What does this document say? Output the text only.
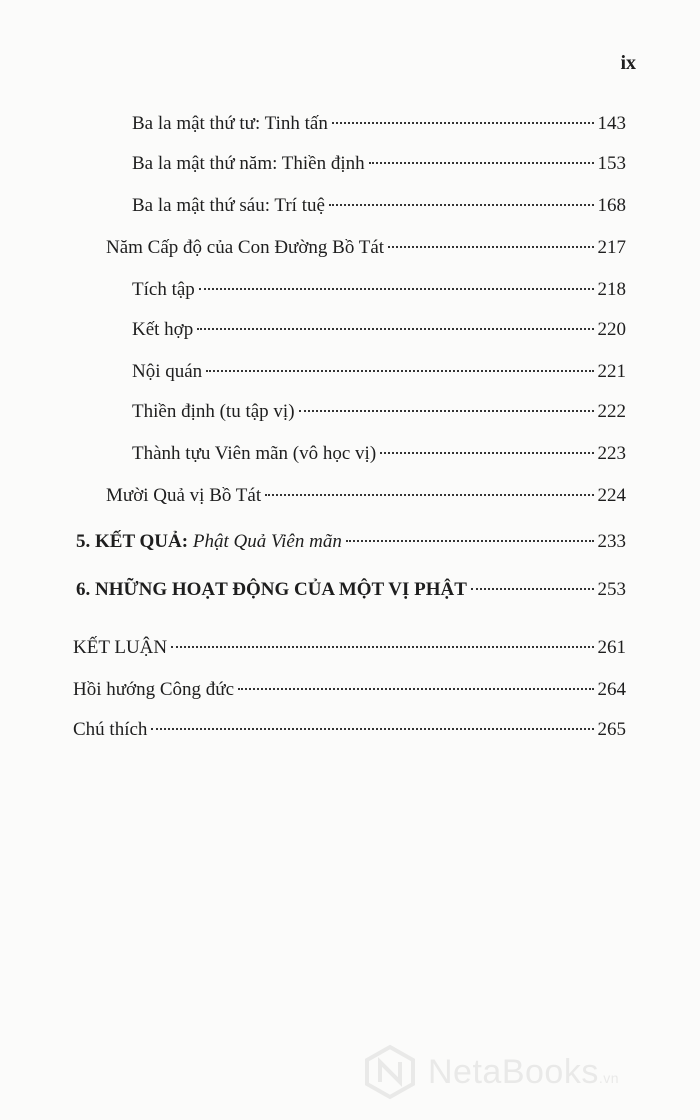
ix
Ba la mật thứ tư: Tinh tấn	143
Ba la mật thứ năm: Thiền định	153
Ba la mật thứ sáu: Trí tuệ	168
Năm Cấp độ của Con Đường Bồ Tát	217
Tích tập	218
Kết hợp	220
Nội quán	221
Thiền định (tu tập vị)	222
Thành tựu Viên mãn (vô học vị)	223
Mười Quả vị Bồ Tát	224
5. KẾT QUẢ: Phật Quả Viên mãn	233
6. NHỮNG HOẠT ĐỘNG CỦA MỘT VỊ PHẬT	253
KẾT LUẬN	261
Hồi hướng Công đức	264
Chú thích	265
NetaBooks.vn
